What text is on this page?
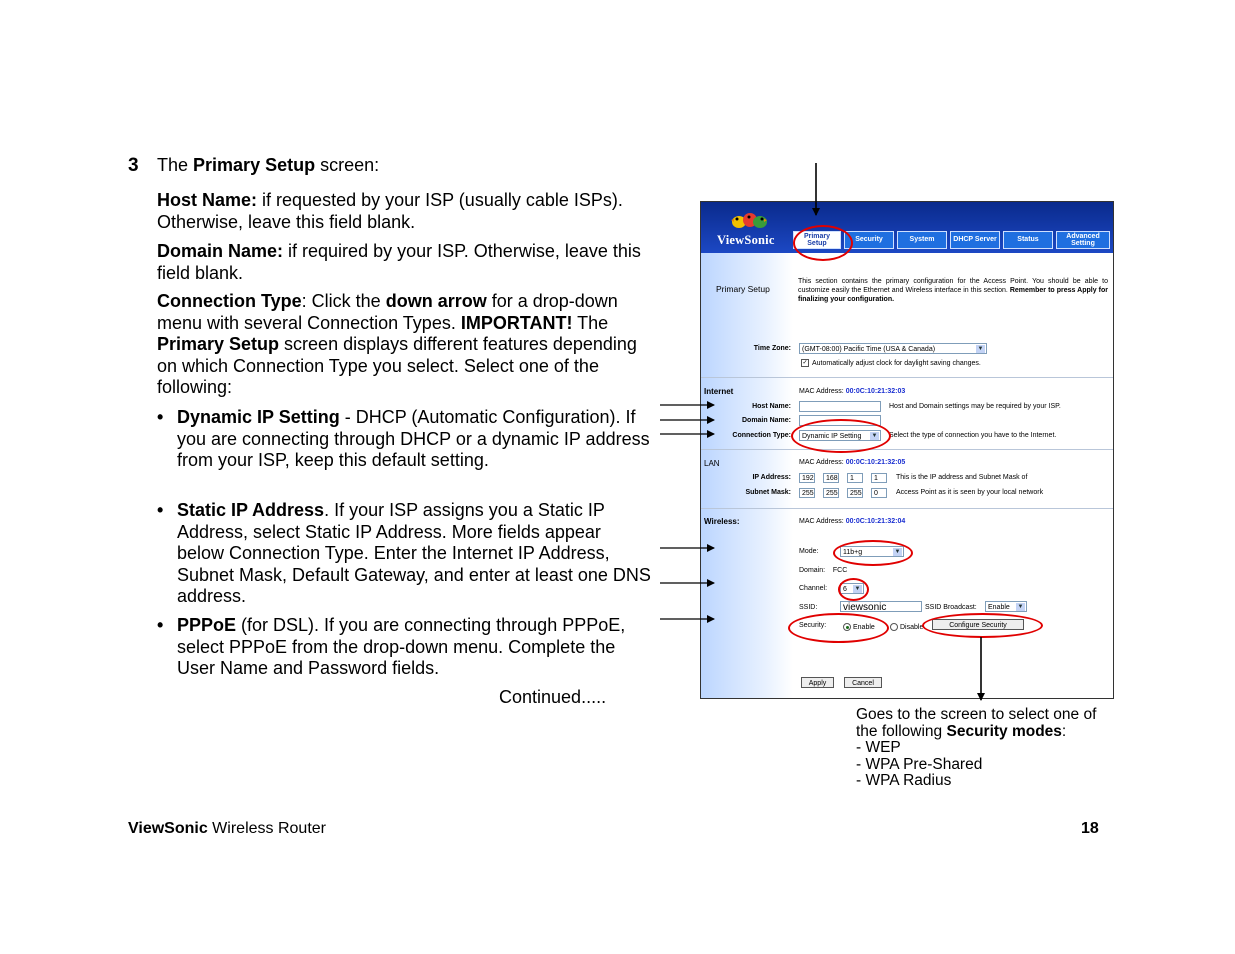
3 The Primary Setup screen:
Host Name: if requested by your ISP (usually cable ISPs). Otherwise, leave this field blank.
Domain Name: if required by your ISP. Otherwise, leave this field blank.
Connection Type: Click the down arrow for a drop-down menu with several Connection Types. IMPORTANT! The Primary Setup screen displays different features depending on which Connection Type you select. Select one of the following:
• Dynamic IP Setting - DHCP (Automatic Configuration). If you are connecting through DHCP or a dynamic IP address from your ISP, keep this default setting.
• Static IP Address. If your ISP assigns you a Static IP Address, select Static IP Address. More fields appear below Connection Type. Enter the Internet IP Address, Subnet Mask, Default Gateway, and enter at least one DNS address.
• PPPoE (for DSL). If you are connecting through PPPoE, select PPPoE from the drop-down menu. Complete the User Name and Password fields.
Continued.....
ViewSonic Wireless Router	18
Goes to the screen to select one of
the following Security modes:
- WEP
- WPA Pre-Shared
- WPA Radius
ViewSonic	Primary Setup
Security	System	DHCP Server	Status
Advanced Setting
Primary Setup
This section contains the primary configuration for the Access Point. You should be able to customize easily the Ethernet and Wireless interface in this section. Remember to press Apply for finalizing your configuration.
Time Zone:	(GMT-08:00) Pacific Time (USA & Canada)	▼
✓ Automatically adjust clock for daylight saving changes.
Internet	MAC Address: 00:0C:10:21:32:03
Host Name:	Host and Domain settings may be required by your ISP.
Domain Name:
Connection Type:	Dynamic IP Setting ▼ Select the type of connection you have to the Internet.
LAN	MAC Address: 00:0C:10:21:32:05
IP Address:	192	168	1	1	This is the IP address and Subnet Mask of
Subnet Mask:	255	255	255	0	Access Point as it is seen by your local network
Wireless:	MAC Address: 00:0C:10:21:32:04
Mode:	11b+g	▼
Domain: FCC
Channel:	6 ▼
SSID:	viewsonic	SSID Broadcast:	Enable ▼
Security:	Enable	Disable	Configure Security
Apply	Cancel
